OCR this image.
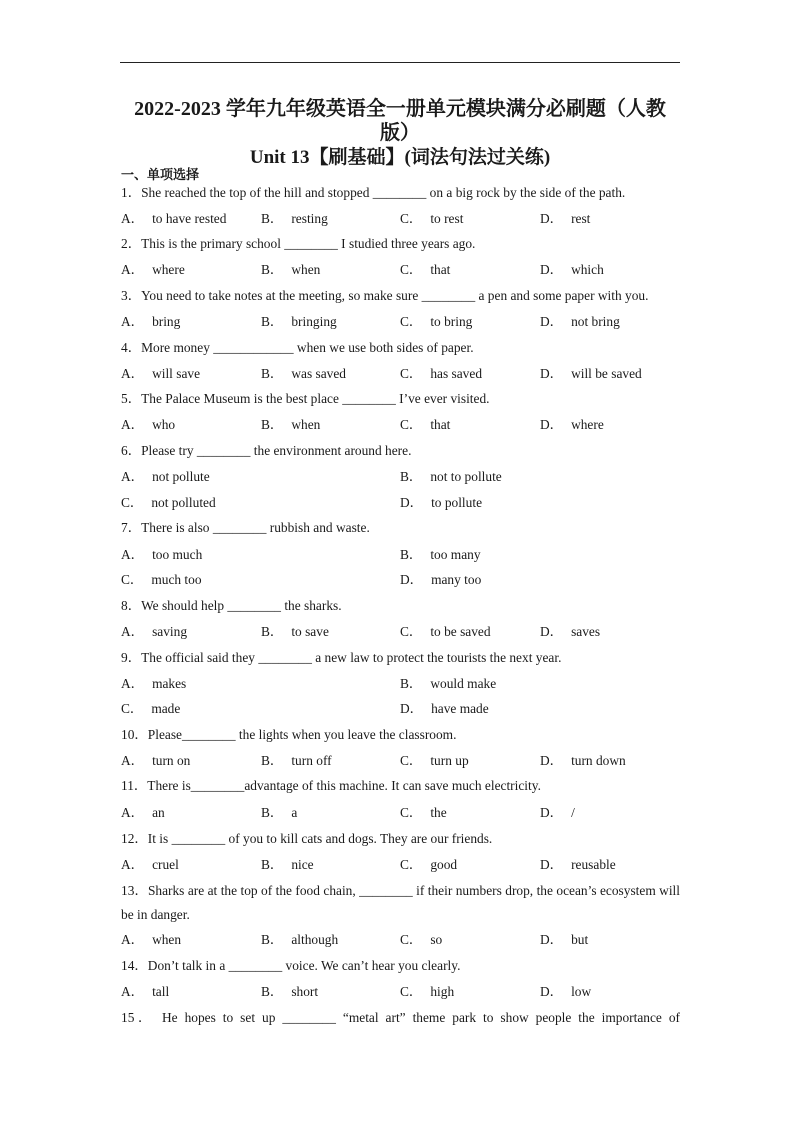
2022-2023 学年九年级英语全一册单元模块满分必刷题（人教
版）
Unit 13【刷基础】(词法句法过关练)
一、单项选择
1．She reached the top of the hill and stopped ________ on a big rock by the side of the path.
A． to have rested	B． resting	C． to rest	D． rest
2．This is the primary school ________ I studied three years ago.
A． where	B． when	C． that	D． which
3．You need to take notes at the meeting, so make sure ________ a pen and some paper with you.
A． bring	B． bringing	C． to bring	D． not bring
4．More money ____________ when we use both sides of paper.
A． will save	B． was saved	C． has saved	D． will be saved
5．The Palace Museum is the best place ________ I’ve ever visited.
A． who	B． when	C． that	D． where
6．Please try ________ the environment around here.
A． not pollute	B． not to pollute
C． not polluted	D． to pollute
7．There is also ________ rubbish and waste.
A． too much	B． too many
C． much too	D． many too
8．We should help ________ the sharks.
A． saving	B． to save	C． to be saved	D． saves
9．The official said they ________ a new law to protect the tourists the next year.
A． makes	B． would make
C． made	D． have made
10．Please________ the lights when you leave the classroom.
A． turn on	B． turn off	C． turn up	D． turn down
11．There is________advantage of this machine. It can save much electricity.
A． an	B． a	C． the	D． /
12．It is ________ of you to kill cats and dogs. They are our friends.
A． cruel	B． nice	C． good	D． reusable
13．Sharks are at the top of the food chain, ________ if their numbers drop, the ocean’s ecosystem will be in danger.
A． when	B． although	C． so	D． but
14．Don’t talk in a ________ voice. We can’t hear you clearly.
A． tall	B． short	C． high	D． low
15． He hopes to set up ________ “metal art” theme park to show people the importance of
